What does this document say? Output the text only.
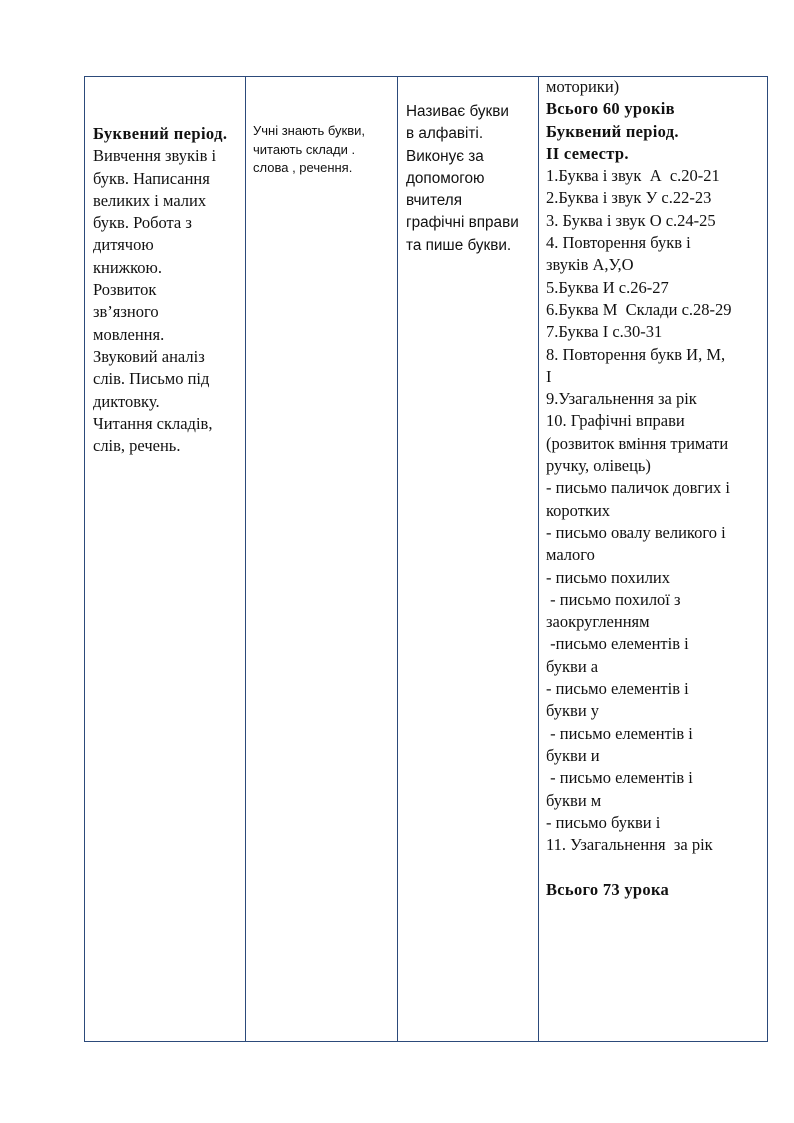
Буквений період.
Вивчення звуків і
букв. Написання
великих і малих
букв. Робота з
дитячою
книжкою.
Розвиток
зв’язного
мовлення.
Звуковий аналіз
слів. Письмо під
диктовку.
Читання складів,
слів, речень.

Учні знають букви,
читають склади .
слова , речення.

Називає букви
в алфавіті.
Виконує за
допомогою
вчителя
графічні вправи
та пише букви.

моторики)
Всього 60 уроків
Буквений період.
ІІ семестр.
1.Буква і звук  А  с.20-21
2.Буква і звук У с.22-23
3. Буква і звук О с.24-25
4. Повторення букв і
звуків А,У,О
5.Буква И с.26-27
6.Буква М  Склади с.28-29
7.Буква І с.30-31
8. Повторення букв И, М,
І
9.Узагальнення за рік
10. Графічні вправи
(розвиток вміння тримати
ручку, олівець)
- письмо паличок довгих і
коротких
- письмо овалу великого і
малого
- письмо похилих
- письмо похилої з
заокругленням
-письмо елементів і
букви а
- письмо елементів і
букви у
- письмо елементів і
букви и
- письмо елементів і
букви м
- письмо букви і
11. Узагальнення  за рік
Всього 73 урока
